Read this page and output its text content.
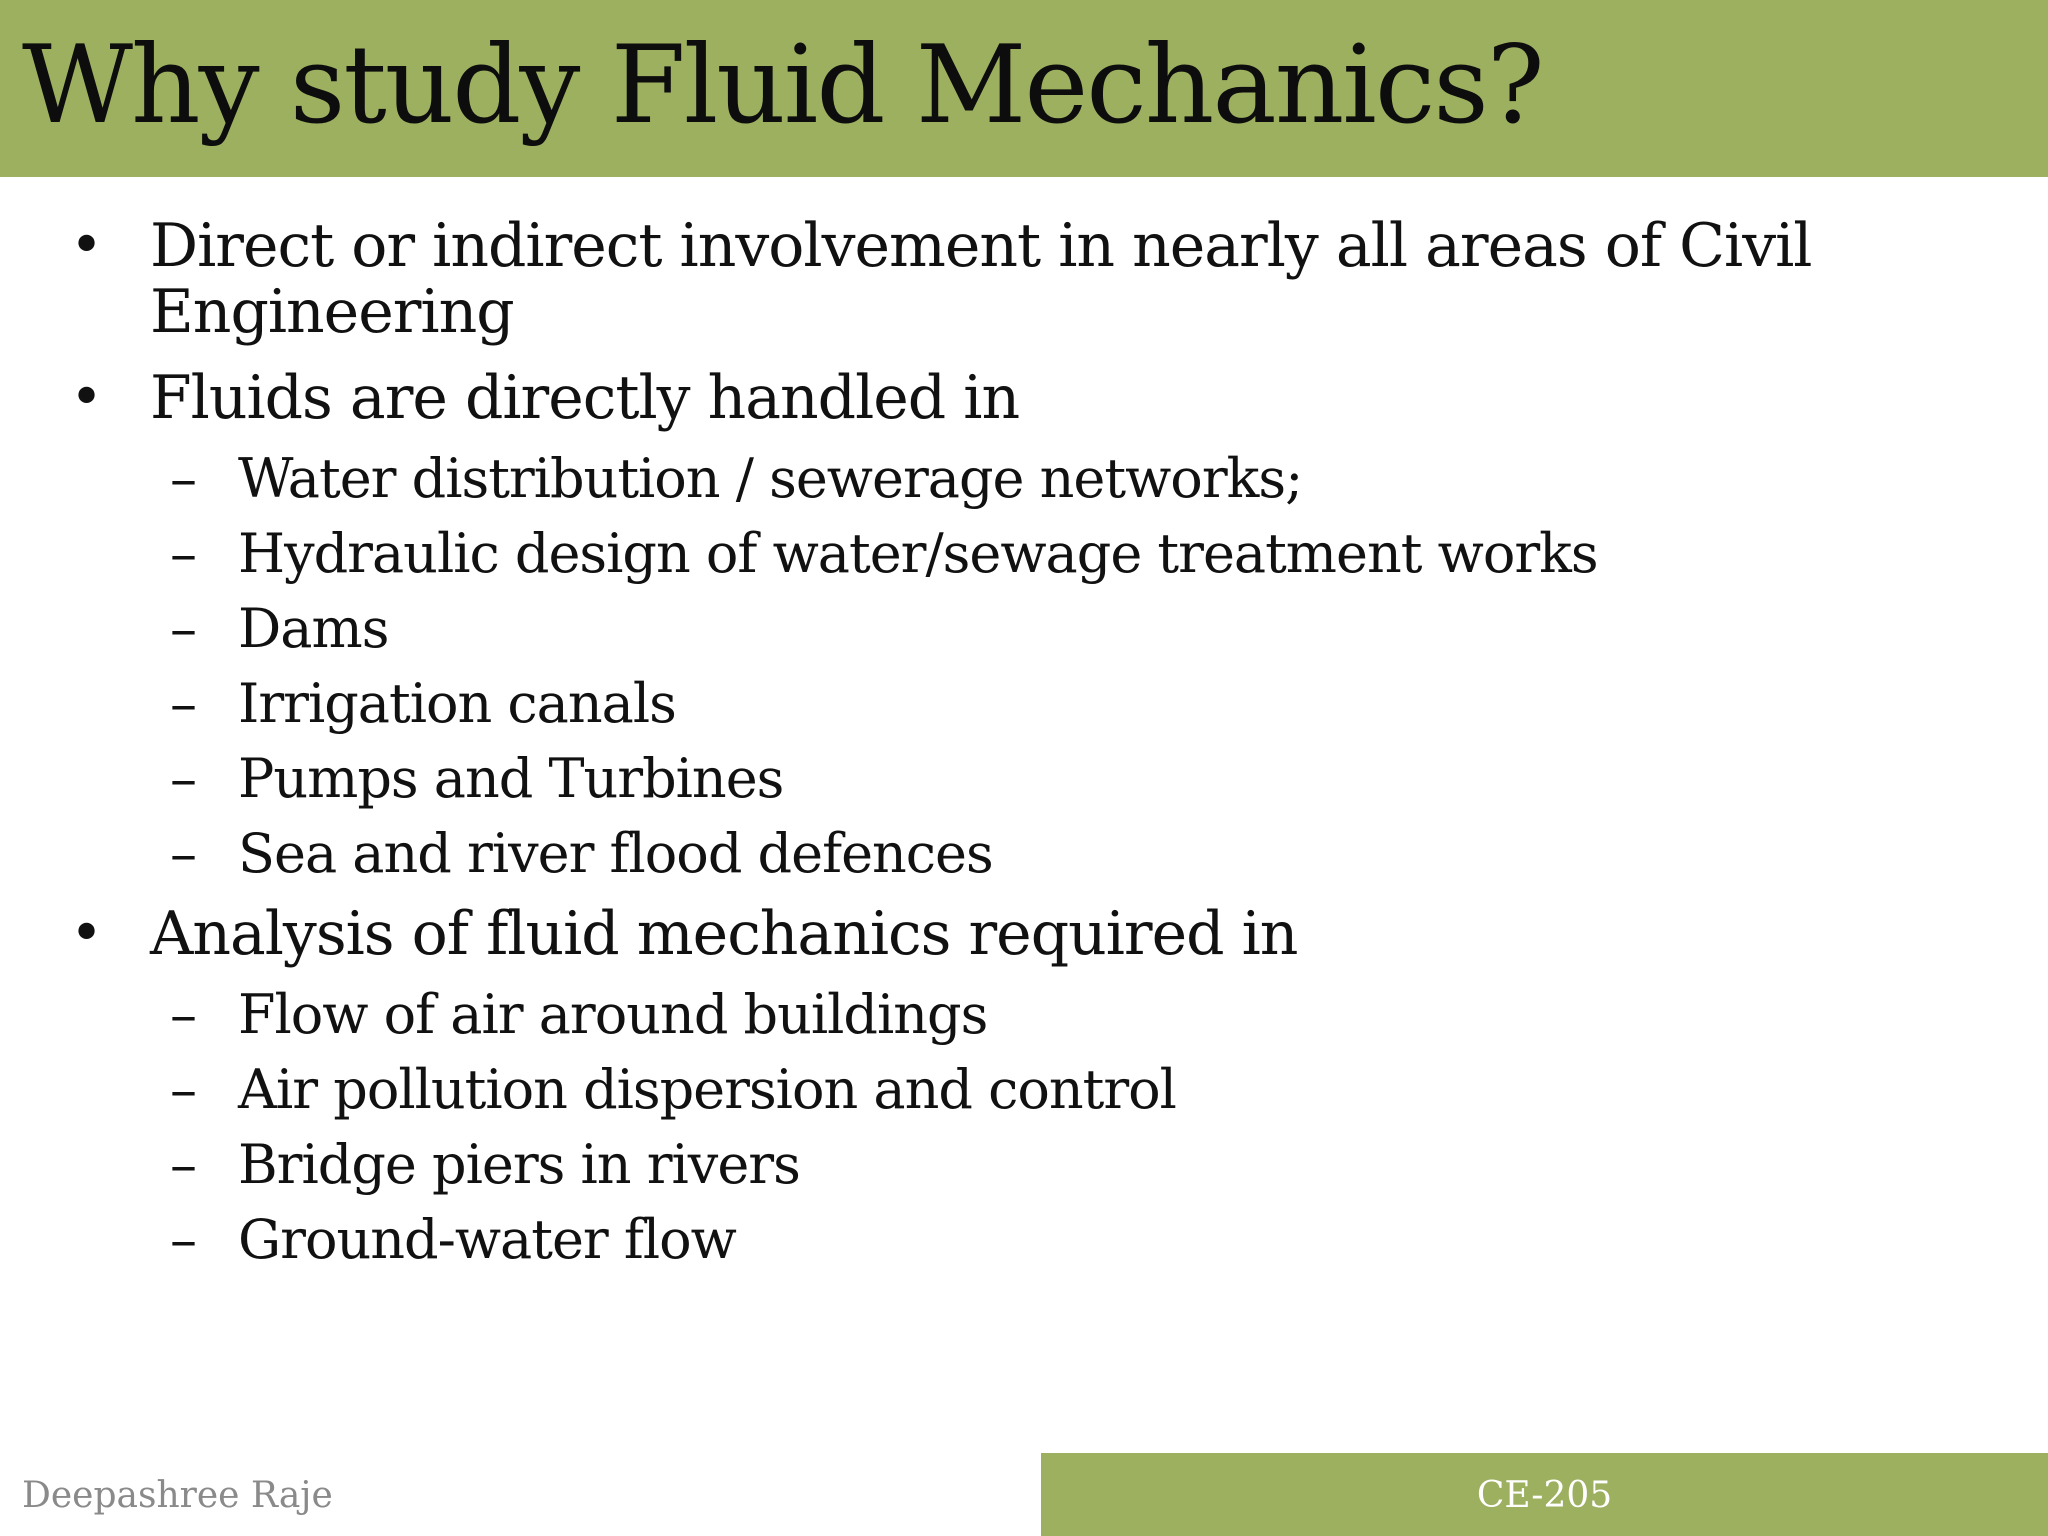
Why study Fluid Mechanics?
• Direct or indirect involvement in nearly all areas of Civil
Engineering
• Fluids are directly handled in
– Water distribution / sewerage networks;
– Hydraulic design of water/sewage treatment works
– Dams
– Irrigation canals
– Pumps and Turbines
– Sea and river flood defences
• Analysis of fluid mechanics required in
– Flow of air around buildings
– Air pollution dispersion and control
– Bridge piers in rivers
– Ground-water flow
Deepashree Raje	CE-205
